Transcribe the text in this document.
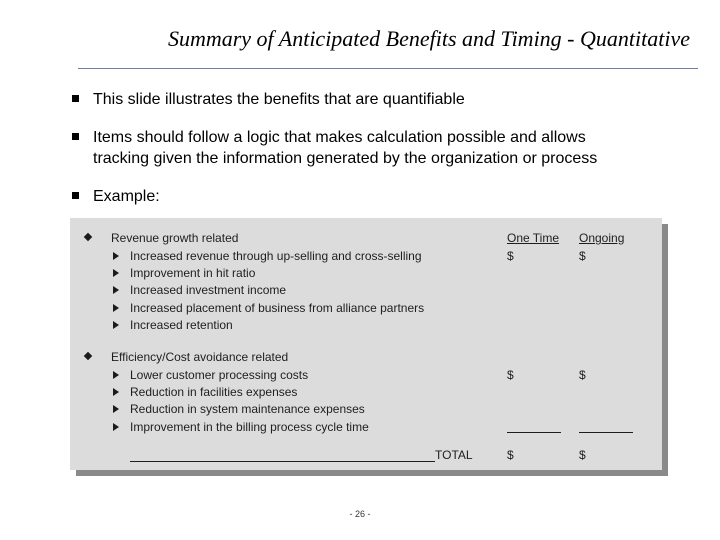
Summary of Anticipated Benefits and Timing - Quantitative
This slide illustrates the benefits that are quantifiable
Items should follow a logic that makes calculation possible and allows
tracking given the information generated by the organization or process
Example:
Revenue growth related	One Time Ongoing
Increased revenue through up-selling and cross-selling	$	$
Improvement in hit ratio
Increased investment income
Increased placement of business from alliance partners
Increased retention
Efficiency/Cost avoidance related
Lower customer processing costs	$	$
Reduction in facilities expenses
Reduction in system maintenance expenses
Improvement in the billing process cycle time
TOTAL	$	$
- 26 -
